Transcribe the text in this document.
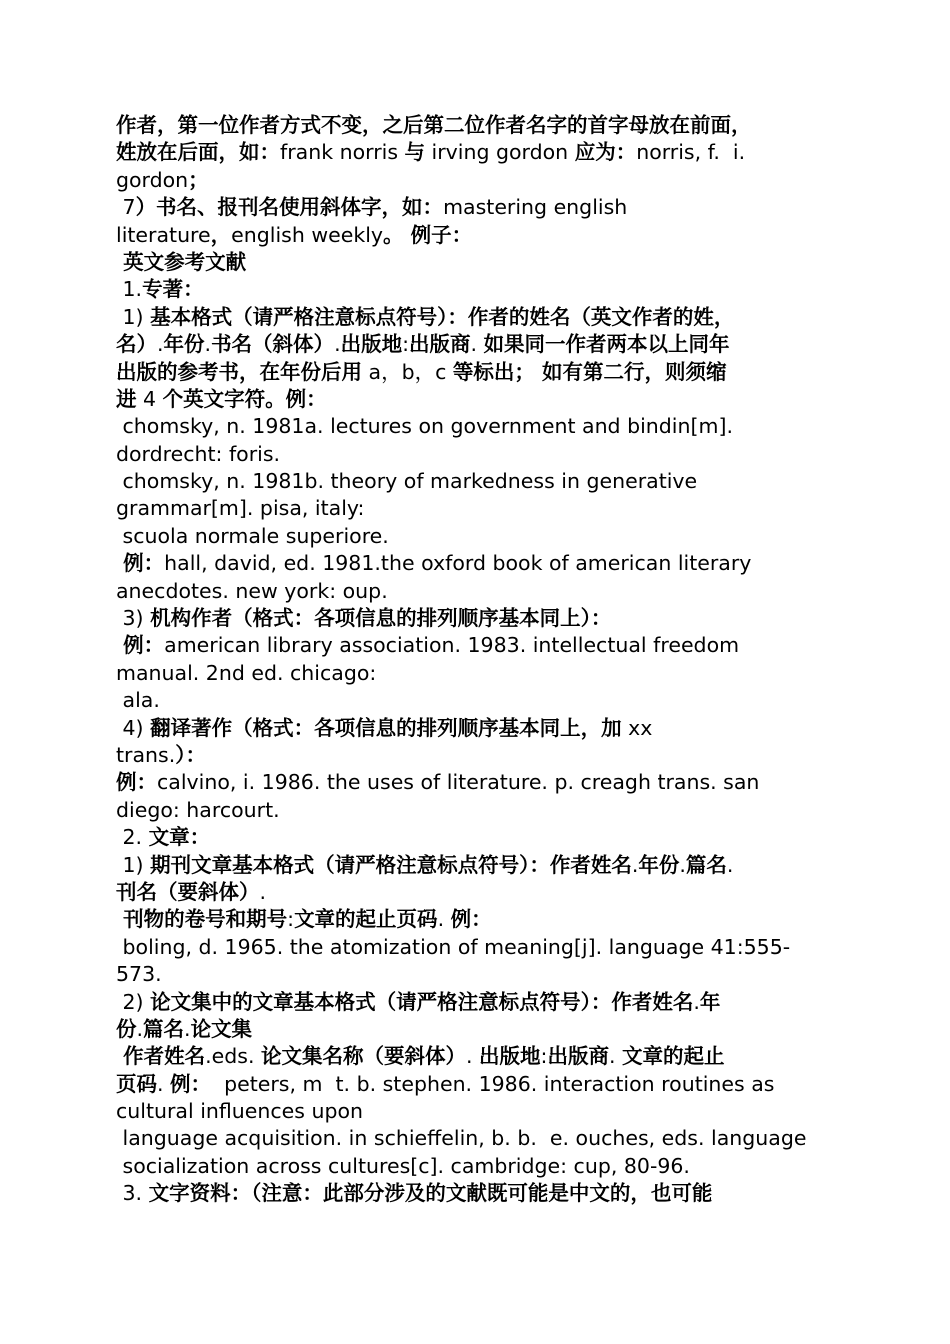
作者，第一位作者方式不变，之后第二位作者名字的首字母放在前面，
姓放在后面，如：frank norris 与 irving gordon 应为：norris, f.  i.
gordon；
7）书名、报刊名使用斜体字，如：mastering english
literature，english weekly。 例子：
英文参考文献
1.专著：
1) 基本格式（请严格注意标点符号）：作者的姓名（英文作者的姓，
名）.年份.书名（斜体）.出版地:出版商. 如果同一作者两本以上同年
出版的参考书，在年份后用 a，b，c 等标出； 如有第二行，则须缩
进 4 个英文字符。例：
chomsky, n. 1981a. lectures on government and bindin[m].
dordrecht: foris.
chomsky, n. 1981b. theory of markedness in generative
grammar[m]. pisa, italy:
scuola normale superiore.
例：hall, david, ed. 1981.the oxford book of american literary
anecdotes. new york: oup.
3) 机构作者（格式：各项信息的排列顺序基本同上）：
例：american library association. 1983. intellectual freedom
manual. 2nd ed. chicago:
ala.
4) 翻译著作（格式：各项信息的排列顺序基本同上，加 xx
trans.）：
例：calvino, i. 1986. the uses of literature. p. creagh trans. san
diego: harcourt.
2. 文章：
1) 期刊文章基本格式（请严格注意标点符号）：作者姓名.年份.篇名.
刊名（要斜体）.
刊物的卷号和期号:文章的起止页码. 例：
boling, d. 1965. the atomization of meaning[j]. language 41:555-
573.
2) 论文集中的文章基本格式（请严格注意标点符号）：作者姓名.年
份.篇名.论文集
作者姓名.eds. 论文集名称（要斜体）. 出版地:出版商. 文章的起止
页码. 例：  peters, m  t. b. stephen. 1986. interaction routines as
cultural influences upon
language acquisition. in schieffelin, b. b.  e. ouches, eds. language
socialization across cultures[c]. cambridge: cup, 80-96.
3. 文字资料：（注意：此部分涉及的文献既可能是中文的，也可能
